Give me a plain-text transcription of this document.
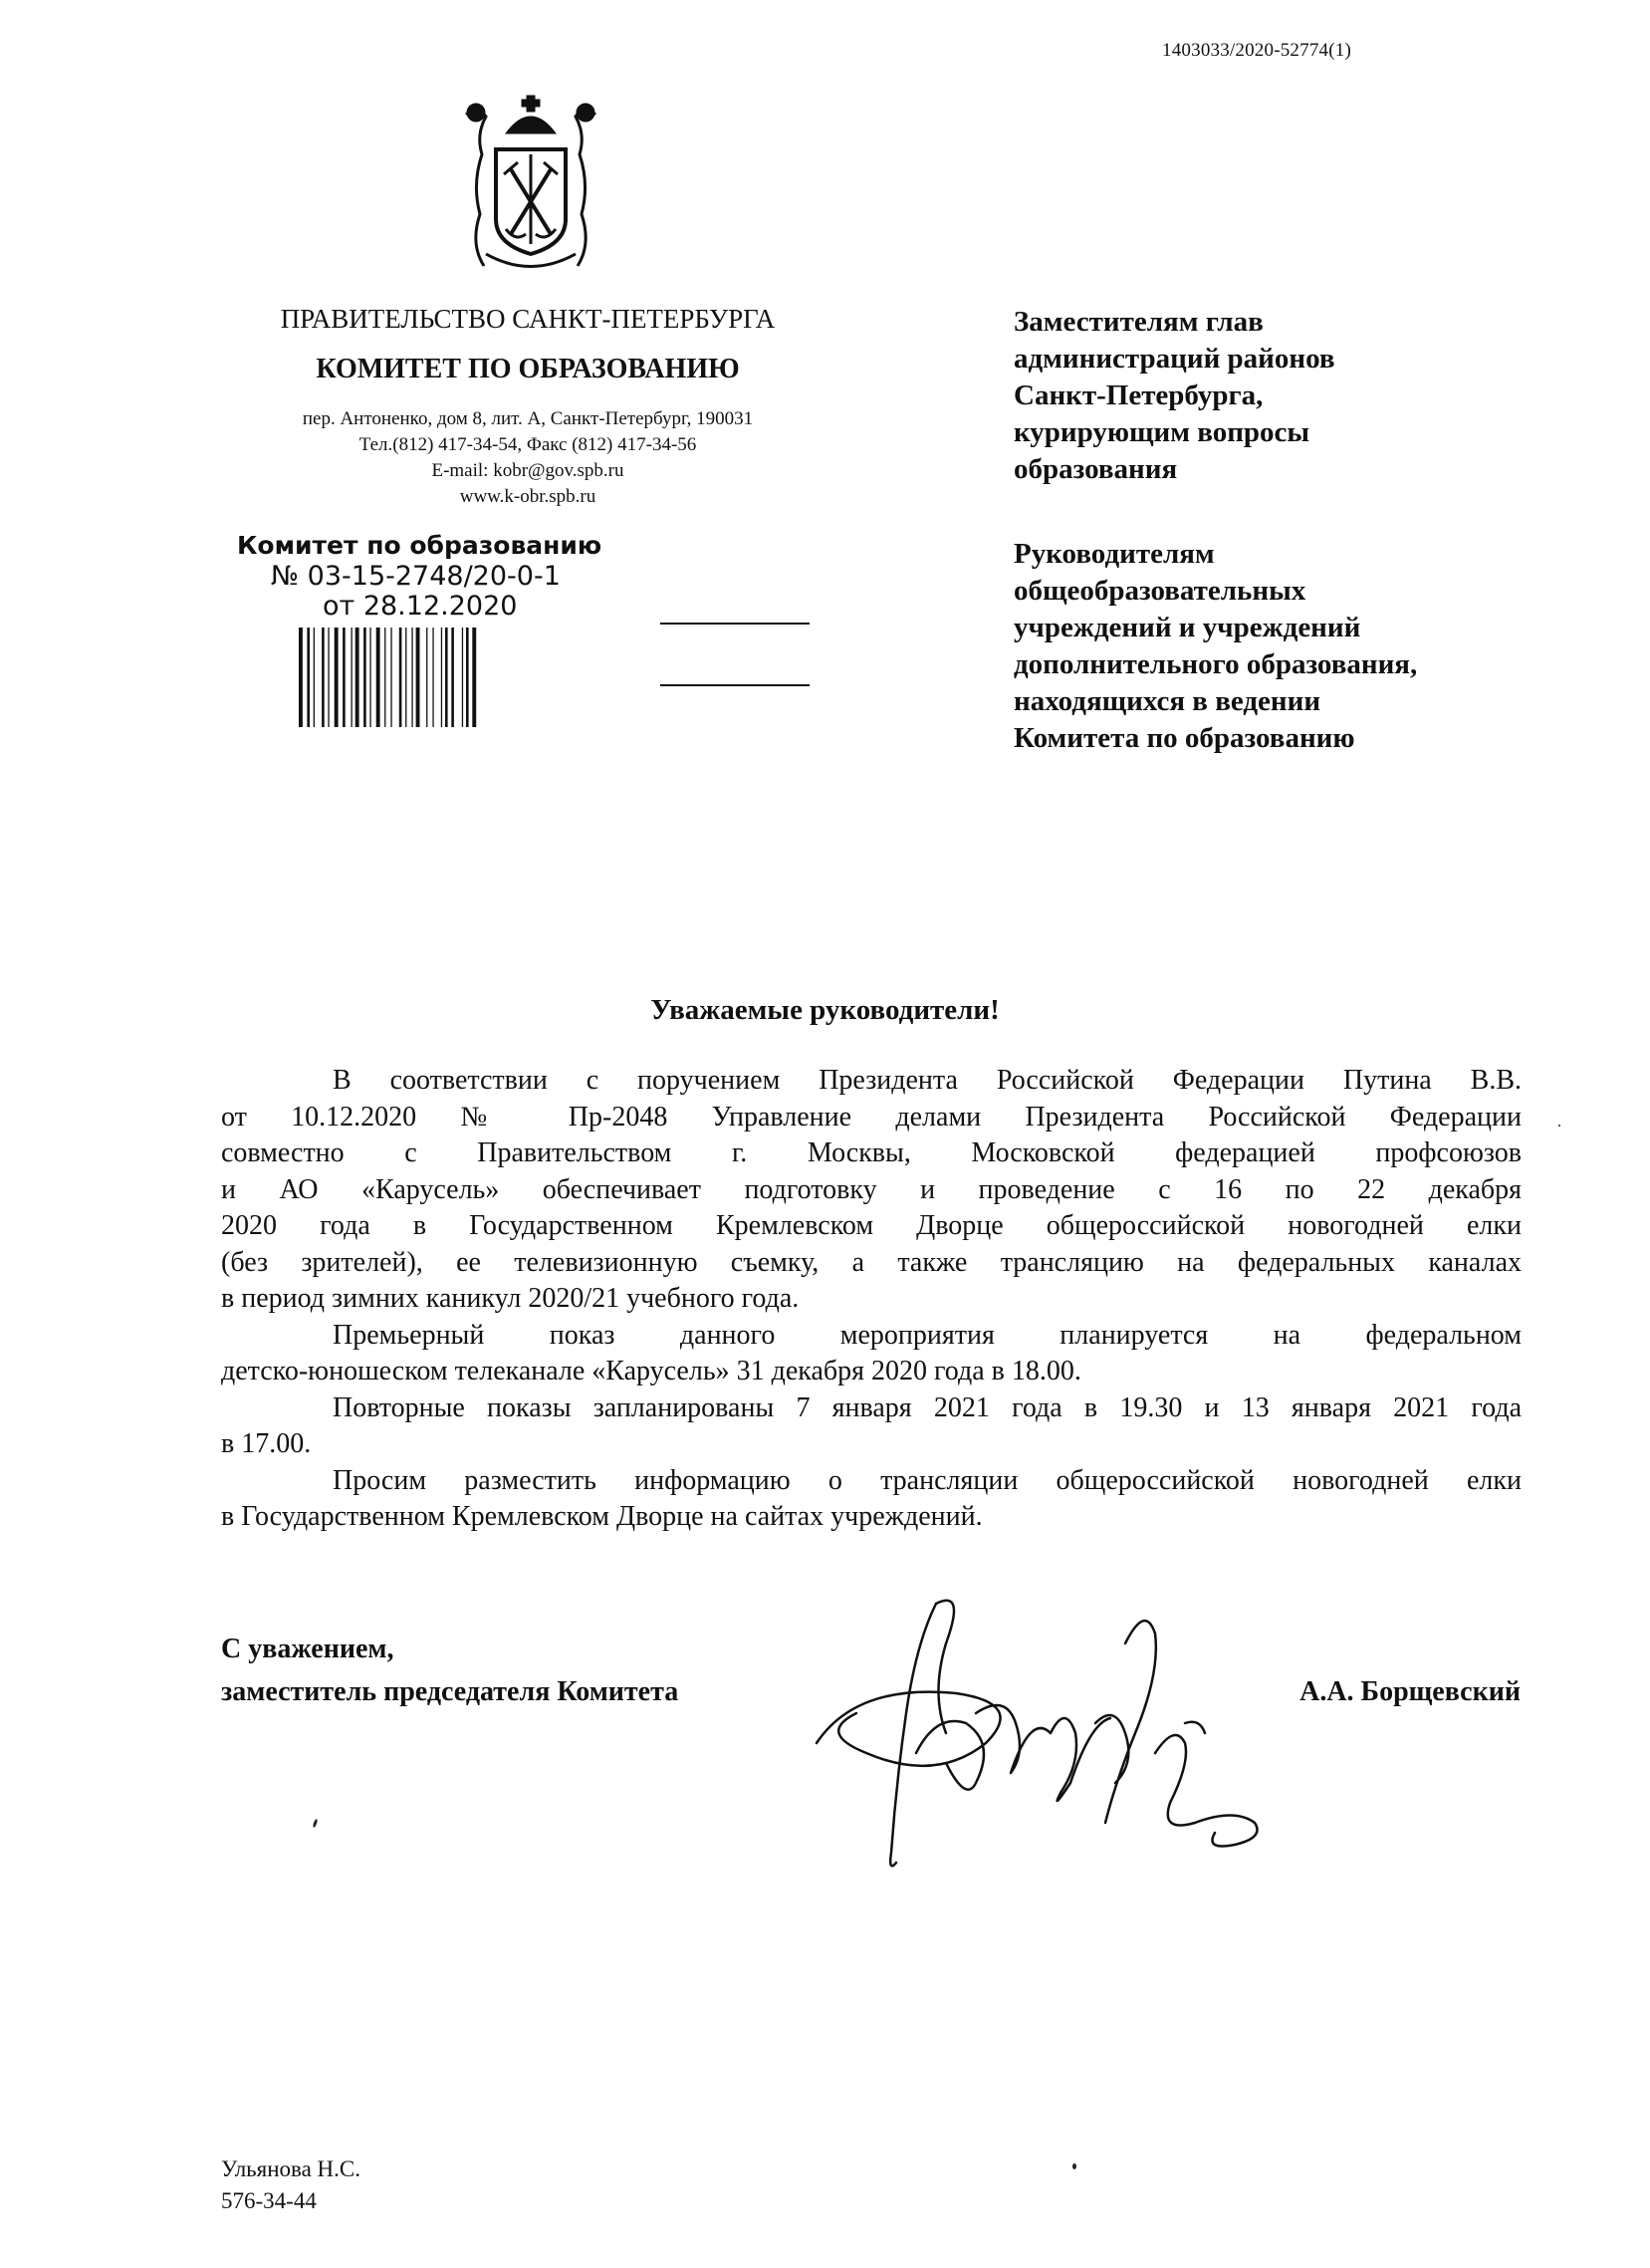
1403033/2020-52774(1)
ПРАВИТЕЛЬСТВО САНКТ-ПЕТЕРБУРГА
КОМИТЕТ ПО ОБРАЗОВАНИЮ
пер. Антоненко, дом 8, лит. А, Санкт-Петербург, 190031
Тел.(812) 417-34-54, Факс (812) 417-34-56
E-mail: kobr@gov.spb.ru
www.k-obr.spb.ru
Комитет по образованию
№ 03-15-2748/20-0-1
от 28.12.2020
Заместителям глав
администраций районов
Санкт-Петербурга,
курирующим вопросы
образования
Руководителям
общеобразовательных
учреждений и учреждений
дополнительного образования,
находящихся в ведении
Комитета по образованию
Уважаемые руководители!
В соответствии с поручением Президента Российской Федерации Путина В.В.
от 10.12.2020 № Пр-2048 Управление делами Президента Российской Федерации
совместно с Правительством г. Москвы, Московской федерацией профсоюзов
и АО «Карусель» обеспечивает подготовку и проведение с 16 по 22 декабря
2020 года в Государственном Кремлевском Дворце общероссийской новогодней елки
(без зрителей), ее телевизионную съемку, а также трансляцию на федеральных каналах
в период зимних каникул 2020/21 учебного года.
Премьерный показ данного мероприятия планируется на федеральном
детско-юношеском телеканале «Карусель» 31 декабря 2020 года в 18.00.
Повторные показы запланированы 7 января 2021 года в 19.30 и 13 января 2021 года
в 17.00.
Просим разместить информацию о трансляции общероссийской новогодней елки
в Государственном Кремлевском Дворце на сайтах учреждений.
С уважением,
заместитель председателя Комитета	А.А. Борщевский
Ульянова Н.С.
576-34-44
